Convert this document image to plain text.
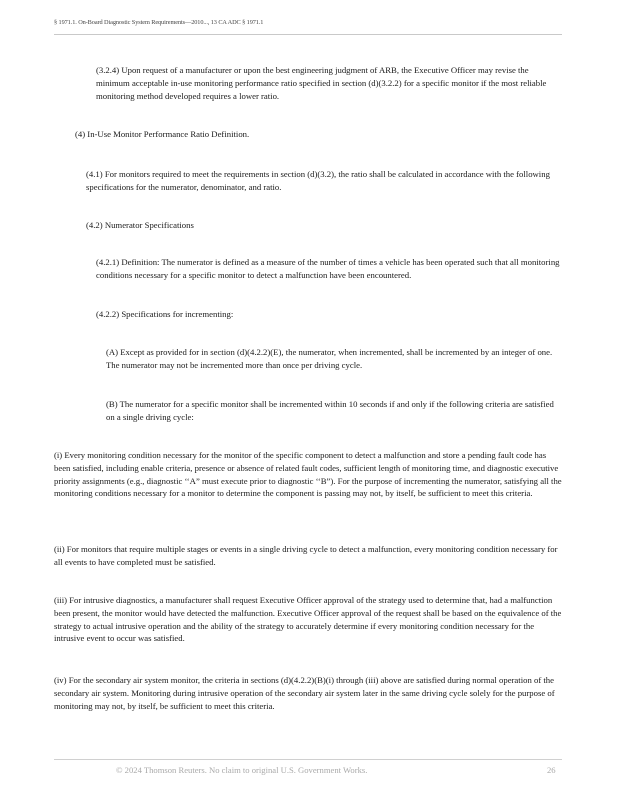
§ 1971.1. On-Board Diagnostic System Requirements—2010..., 13 CA ADC § 1971.1

(3.2.4) Upon request of a manufacturer or upon the best engineering judgment of ARB, the Executive Officer may revise the minimum acceptable in-use monitoring performance ratio specified in section (d)(3.2.2) for a specific monitor if the most reliable monitoring method developed requires a lower ratio.

(4) In-Use Monitor Performance Ratio Definition.

(4.1) For monitors required to meet the requirements in section (d)(3.2), the ratio shall be calculated in accordance with the following specifications for the numerator, denominator, and ratio.

(4.2) Numerator Specifications

(4.2.1) Definition: The numerator is defined as a measure of the number of times a vehicle has been operated such that all monitoring conditions necessary for a specific monitor to detect a malfunction have been encountered.

(4.2.2) Specifications for incrementing:

(A) Except as provided for in section (d)(4.2.2)(E), the numerator, when incremented, shall be incremented by an integer of one. The numerator may not be incremented more than once per driving cycle.

(B) The numerator for a specific monitor shall be incremented within 10 seconds if and only if the following criteria are satisfied on a single driving cycle:

(i) Every monitoring condition necessary for the monitor of the specific component to detect a malfunction and store a pending fault code has been satisfied, including enable criteria, presence or absence of related fault codes, sufficient length of monitoring time, and diagnostic executive priority assignments (e.g., diagnostic ‘‘A” must execute prior to diagnostic ‘‘B”). For the purpose of incrementing the numerator, satisfying all the monitoring conditions necessary for a monitor to determine the component is passing may not, by itself, be sufficient to meet this criteria.

(ii) For monitors that require multiple stages or events in a single driving cycle to detect a malfunction, every monitoring condition necessary for all events to have completed must be satisfied.

(iii) For intrusive diagnostics, a manufacturer shall request Executive Officer approval of the strategy used to determine that, had a malfunction been present, the monitor would have detected the malfunction. Executive Officer approval of the request shall be based on the equivalence of the strategy to actual intrusive operation and the ability of the strategy to accurately determine if every monitoring condition necessary for the intrusive event to occur was satisfied.

(iv) For the secondary air system monitor, the criteria in sections (d)(4.2.2)(B)(i) through (iii) above are satisfied during normal operation of the secondary air system. Monitoring during intrusive operation of the secondary air system later in the same driving cycle solely for the purpose of monitoring may not, by itself, be sufficient to meet this criteria.

© 2024 Thomson Reuters. No claim to original U.S. Government Works.	26
